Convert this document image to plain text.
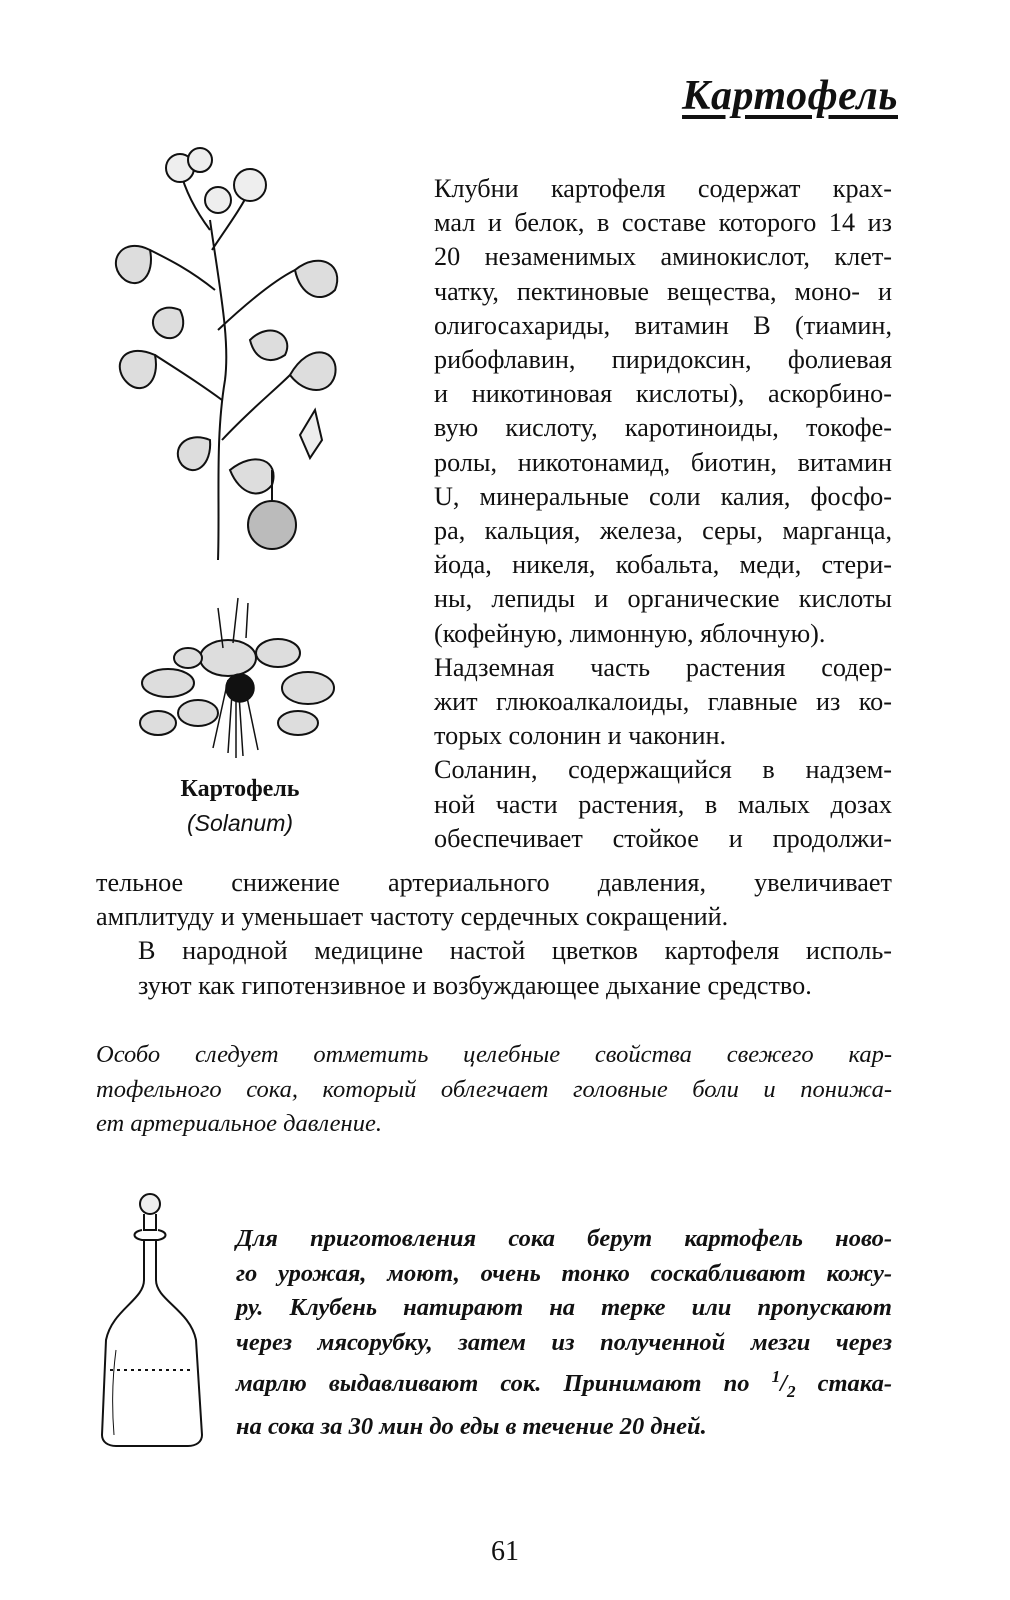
Картофель
Картофель
(Solanum)

Клубни картофеля содержат крах-
мал и белок, в составе которого 14 из
20 незаменимых аминокислот, клет-
чатку, пектиновые вещества, моно- и
олигосахариды, витамин В (тиамин,
рибофлавин, пиридоксин, фолиевая
и никотиновая кислоты), аскорбино-
вую кислоту, каротиноиды, токофе-
ролы, никотонамид, биотин, витамин
U, минеральные соли калия, фосфо-
ра, кальция, железа, серы, марганца,
йода, никеля, кобальта, меди, стери-
ны, лепиды и органические кислоты
(кофейную, лимонную, яблочную).

Надземная часть растения содер-
жит глюкоалкалоиды, главные из ко-
торых солонин и чаконин.

Соланин, содержащийся в надзем-
ной части растения, в малых дозах
обеспечивает стойкое и продолжи-

тельное снижение артериального давления, увеличивает
амплитуду и уменьшает частоту сердечных сокращений.

В народной медицине настой цветков картофеля исполь-
зуют как гипотензивное и возбуждающее дыхание средство.

Особо следует отметить целебные свойства свежего кар-
тофельного сока, который облегчает головные боли и понижа-
ет артериальное давление.
Для приготовления сока берут картофель ново-
го урожая, моют, очень тонко соскабливают кожу-
ру. Клубень натирают на терке или пропускают
через мясорубку, затем из полученной мезги через
марлю выдавливают сок. Принимают по $^1/_2$ стака-
на сока за 30 мин до еды в течение 20 дней.
61
